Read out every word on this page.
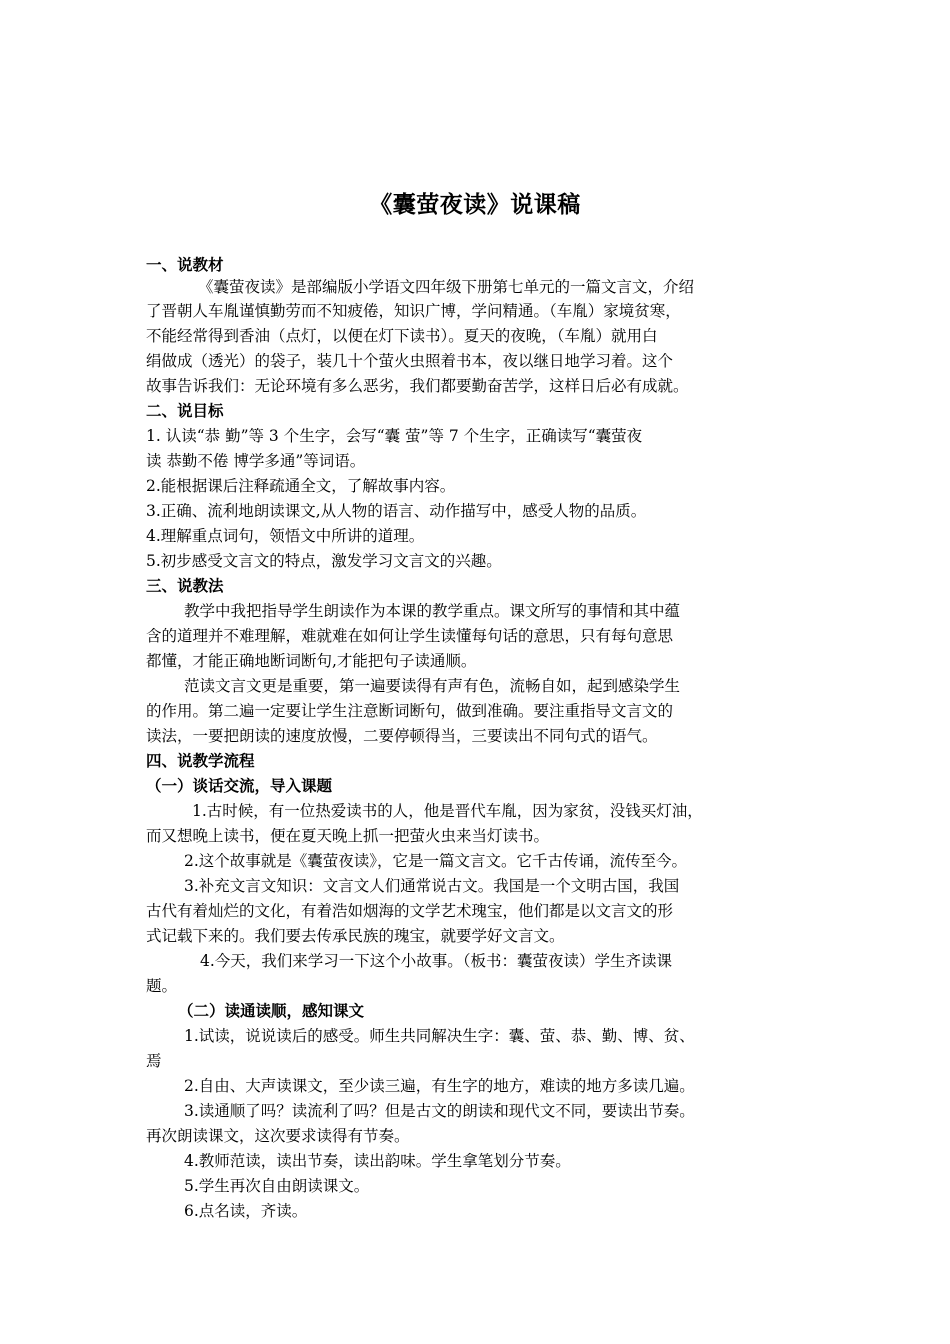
《囊萤夜读》说课稿
一、说教材
《囊萤夜读》是部编版小学语文四年级下册第七单元的一篇文言文，介绍
了晋朝人车胤谨慎勤劳而不知疲倦，知识广博，学问精通。（车胤）家境贫寒，
不能经常得到香油（点灯，以便在灯下读书）。夏天的夜晚，（车胤）就用白
绢做成（透光）的袋子，装几十个萤火虫照着书本，夜以继日地学习着。这个
故事告诉我们：无论环境有多么恶劣，我们都要勤奋苦学，这样日后必有成就。
二、说目标
1. 认读“恭 勤”等 3 个生字，会写“囊 萤”等 7 个生字，正确读写“囊萤夜
读 恭勤不倦 博学多通”等词语。
2.能根据课后注释疏通全文，了解故事内容。
3.正确、流利地朗读课文,从人物的语言、动作描写中，感受人物的品质。
4.理解重点词句，领悟文中所讲的道理。
5.初步感受文言文的特点，激发学习文言文的兴趣。
三、说教法
教学中我把指导学生朗读作为本课的教学重点。课文所写的事情和其中蕴
含的道理并不难理解，难就难在如何让学生读懂每句话的意思，只有每句意思
都懂，才能正确地断词断句,才能把句子读通顺。
范读文言文更是重要，第一遍要读得有声有色，流畅自如，起到感染学生
的作用。第二遍一定要让学生注意断词断句，做到准确。要注重指导文言文的
读法，一要把朗读的速度放慢，二要停顿得当，三要读出不同句式的语气。
四、说教学流程
（一）谈话交流，导入课题
1.古时候，有一位热爱读书的人，他是晋代车胤，因为家贫，没钱买灯油，
而又想晚上读书，便在夏天晚上抓一把萤火虫来当灯读书。
2.这个故事就是《囊萤夜读》，它是一篇文言文。它千古传诵，流传至今。
3.补充文言文知识：文言文人们通常说古文。我国是一个文明古国，我国
古代有着灿烂的文化，有着浩如烟海的文学艺术瑰宝，他们都是以文言文的形
式记载下来的。我们要去传承民族的瑰宝，就要学好文言文。
4.今天，我们来学习一下这个小故事。（板书：囊萤夜读）学生齐读课
题。
（二）读通读顺，感知课文
1.试读，说说读后的感受。师生共同解决生字：囊、萤、恭、勤、博、贫、
焉
2.自由、大声读课文，至少读三遍，有生字的地方，难读的地方多读几遍。
3.读通顺了吗？读流利了吗？但是古文的朗读和现代文不同，要读出节奏。
再次朗读课文，这次要求读得有节奏。
4.教师范读，读出节奏，读出韵味。学生拿笔划分节奏。
5.学生再次自由朗读课文。
6.点名读，齐读。
